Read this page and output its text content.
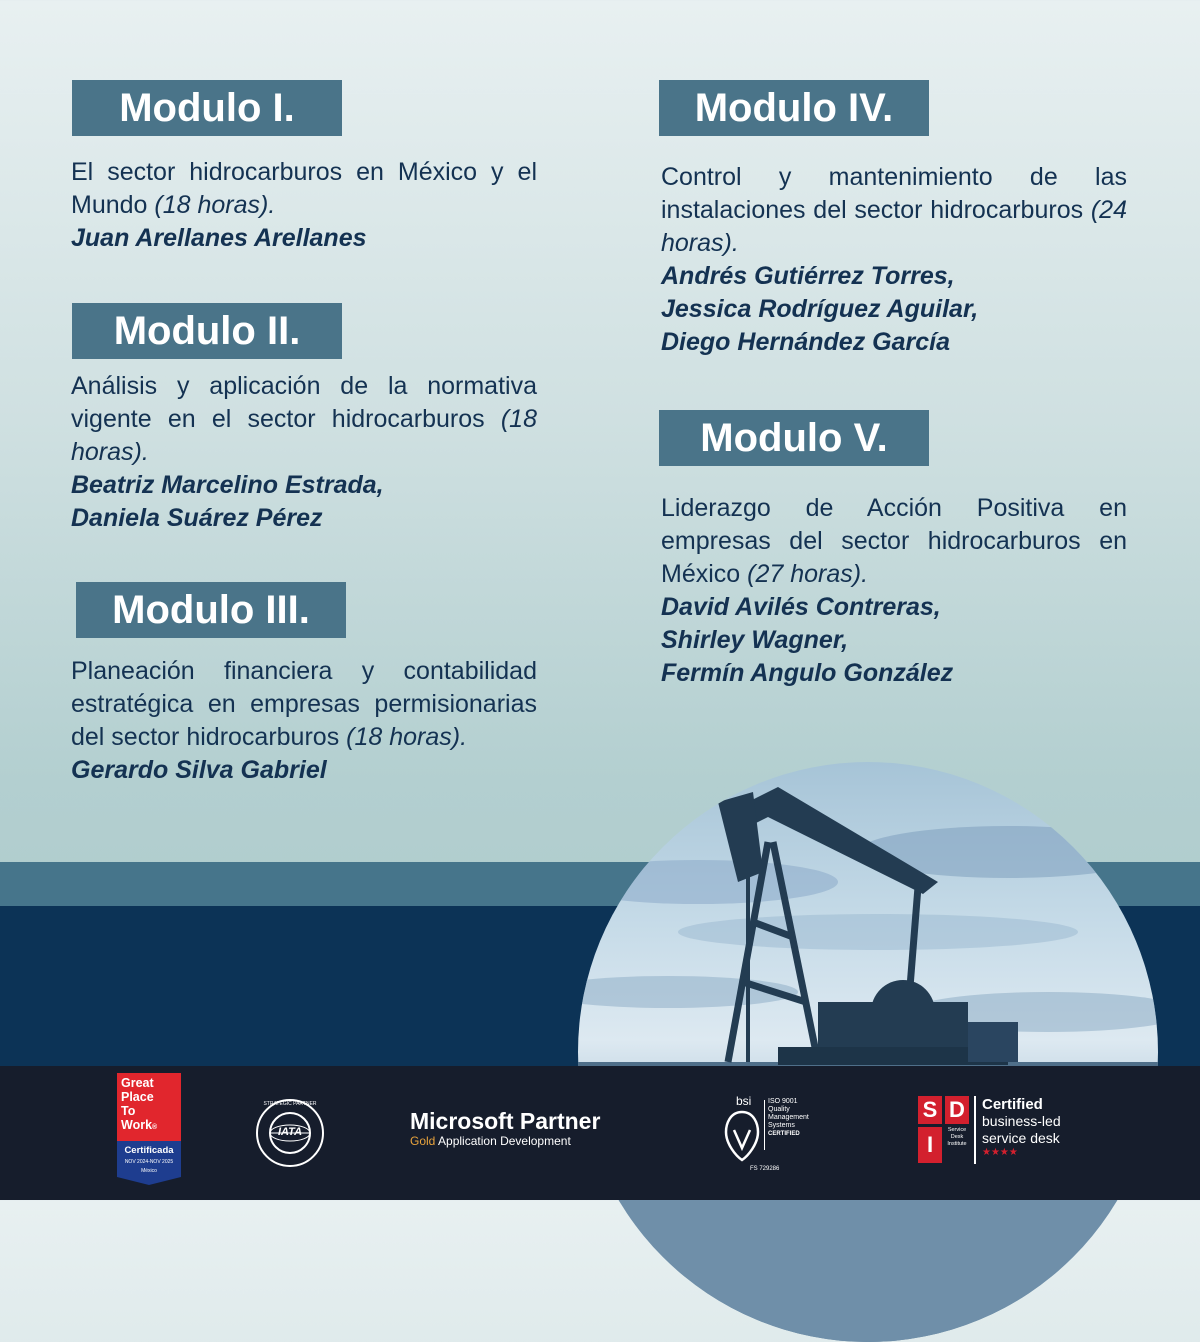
Modulo I.
El sector hidrocarburos en México y el Mundo (18 horas).
Juan Arellanes Arellanes
Modulo II.
Análisis y aplicación de la normativa vigente en el sector hidrocarburos (18 horas).
Beatriz Marcelino Estrada,
Daniela Suárez Pérez
Modulo III.
Planeación financiera y contabilidad estratégica en empresas permisionarias del sector hidrocarburos (18 horas).
Gerardo Silva Gabriel
Modulo IV.
Control y mantenimiento de las instalaciones del sector hidrocarburos (24 horas).
Andrés Gutiérrez Torres,
Jessica Rodríguez Aguilar,
Diego Hernández García
Modulo V.
Liderazgo de Acción Positiva en empresas del sector hidrocarburos en México (27 horas).
David Avilés Contreras,
Shirley Wagner,
Fermín Angulo González
Great
Place
To
Work®
Certificada
NOV 2024-NOV 2025
México
STRATEGIC PARTNER
IATA	Microsoft Partner
Gold Application Development
bsi ISO 9001
Quality
Management
Systems
CERTIFIED
FS 729286
S D
I
Service
Desk
Institute
Certified
business-led
service desk
★★★★
